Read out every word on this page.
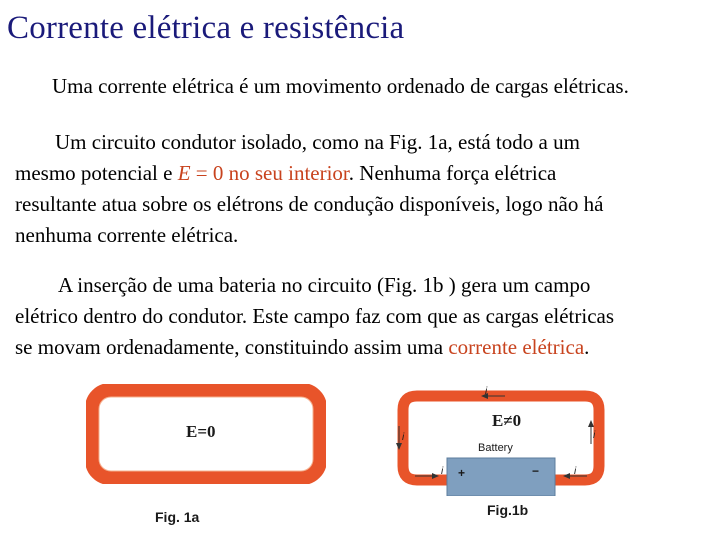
Corrente elétrica e resistência
Uma corrente elétrica é um movimento ordenado de cargas elétricas.
Um circuito condutor isolado, como na Fig. 1a, está todo a um
mesmo potencial e E = 0 no seu interior. Nenhuma força elétrica
resultante atua sobre os elétrons de condução disponíveis, logo não há
nenhuma corrente elétrica.
A inserção de uma bateria no circuito (Fig. 1b ) gera um campo
elétrico dentro do condutor. Este campo faz com que as cargas elétricas
se movam ordenadamente, constituindo assim uma corrente elétrica.
E=0
Fig. 1a
i
i	i
i	i
Battery
+	−
E≠0
Fig.1b
